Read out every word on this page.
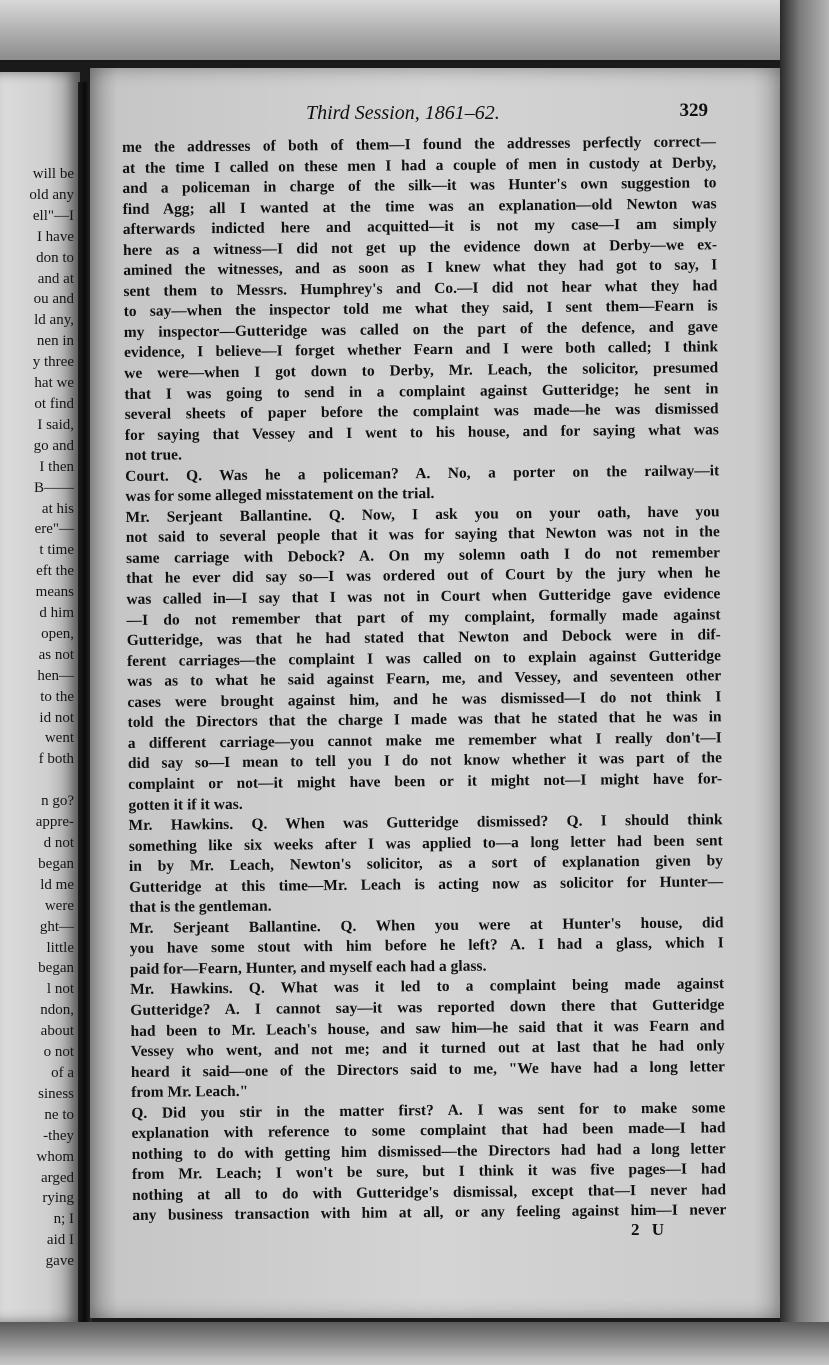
will be
old any
ell"—I
I have
don to
and at
ou and
ld any,
nen in
y three
hat we
ot find
I said,
go and
I then
B——
at his
ere"—
t time
eft the
means
d him
open,
as not
hen—
to the
id not
went
f both

n go?
appre-
d not
began
ld me
were
ght—
little
began
l not
ndon,
about
o not
of a
siness
ne to
-they
whom
arged
rying
n; I
aid I
gave
Third Session, 1861–62.	329
me the addresses of both of them—I found the addresses perfectly correct—
at the time I called on these men I had a couple of men in custody at Derby,
and a policeman in charge of the silk—it was Hunter's own suggestion to
find Agg; all I wanted at the time was an explanation—old Newton was
afterwards indicted here and acquitted—it is not my case—I am simply
here as a witness—I did not get up the evidence down at Derby—we ex-
amined the witnesses, and as soon as I knew what they had got to say, I
sent them to Messrs. Humphrey's and Co.—I did not hear what they had
to say—when the inspector told me what they said, I sent them—Fearn is
my inspector—Gutteridge was called on the part of the defence, and gave
evidence, I believe—I forget whether Fearn and I were both called; I think
we were—when I got down to Derby, Mr. Leach, the solicitor, presumed
that I was going to send in a complaint against Gutteridge; he sent in
several sheets of paper before the complaint was made—he was dismissed
for saying that Vessey and I went to his house, and for saying what was
not true.
Court. Q. Was he a policeman? A. No, a porter on the railway—it
was for some alleged misstatement on the trial.
Mr. Serjeant Ballantine. Q. Now, I ask you on your oath, have you
not said to several people that it was for saying that Newton was not in the
same carriage with Debock? A. On my solemn oath I do not remember
that he ever did say so—I was ordered out of Court by the jury when he
was called in—I say that I was not in Court when Gutteridge gave evidence
—I do not remember that part of my complaint, formally made against
Gutteridge, was that he had stated that Newton and Debock were in dif-
ferent carriages—the complaint I was called on to explain against Gutteridge
was as to what he said against Fearn, me, and Vessey, and seventeen other
cases were brought against him, and he was dismissed—I do not think I
told the Directors that the charge I made was that he stated that he was in
a different carriage—you cannot make me remember what I really don't—I
did say so—I mean to tell you I do not know whether it was part of the
complaint or not—it might have been or it might not—I might have for-
gotten it if it was.
Mr. Hawkins. Q. When was Gutteridge dismissed? Q. I should think
something like six weeks after I was applied to—a long letter had been sent
in by Mr. Leach, Newton's solicitor, as a sort of explanation given by
Gutteridge at this time—Mr. Leach is acting now as solicitor for Hunter—
that is the gentleman.
Mr. Serjeant Ballantine. Q. When you were at Hunter's house, did
you have some stout with him before he left? A. I had a glass, which I
paid for—Fearn, Hunter, and myself each had a glass.
Mr. Hawkins. Q. What was it led to a complaint being made against
Gutteridge? A. I cannot say—it was reported down there that Gutteridge
had been to Mr. Leach's house, and saw him—he said that it was Fearn and
Vessey who went, and not me; and it turned out at last that he had only
heard it said—one of the Directors said to me, "We have had a long letter
from Mr. Leach."
Q. Did you stir in the matter first? A. I was sent for to make some
explanation with reference to some complaint that had been made—I had
nothing to do with getting him dismissed—the Directors had had a long letter
from Mr. Leach; I won't be sure, but I think it was five pages—I had
nothing at all to do with Gutteridge's dismissal, except that—I never had
any business transaction with him at all, or any feeling against him—I never
2 U
